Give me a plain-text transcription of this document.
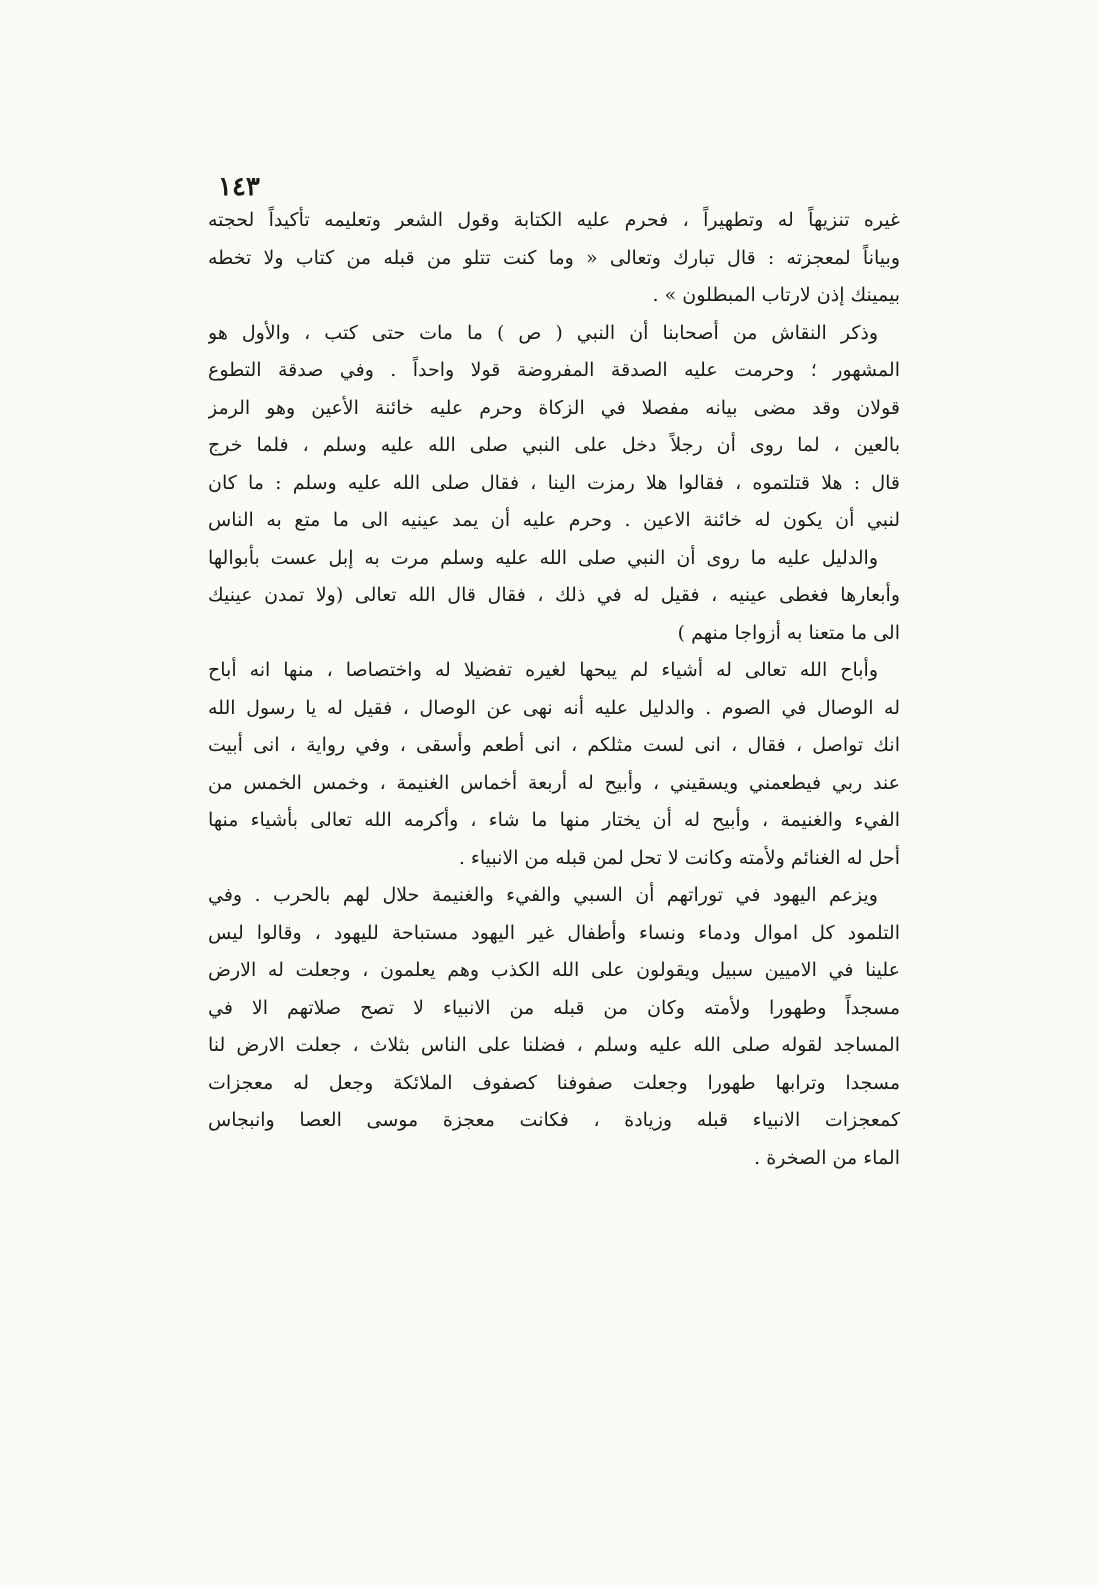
١٤٣
غيره تنزيهاً له وتطهيراً ، فحرم عليه الكتابة وقول الشعر وتعليمه تأكيداً لحجته
وبياناً لمعجزته : قال تبارك وتعالى « وما كنت تتلو من قبله من كتاب ولا تخطه
بيمينك إذن لارتاب المبطلون » .
وذكر النقاش من أصحابنا أن النبي ( ص ) ما مات حتى كتب ، والأول هو
المشهور ؛ وحرمت عليه الصدقة المفروضة قولا واحداً . وفي صدقة التطوع
قولان وقد مضى بيانه مفصلا في الزكاة وحرم عليه خائنة الأعين وهو الرمز
بالعين ، لما روى أن رجلاً دخل على النبي صلى الله عليه وسلم ، فلما خرج
قال : هلا قتلتموه ، فقالوا هلا رمزت الينا ، فقال صلى الله عليه وسلم : ما كان
لنبي أن يكون له خائنة الاعين . وحرم عليه أن يمد عينيه الى ما متع به الناس
والدليل عليه ما روى أن النبي صلى الله عليه وسلم مرت به إبل عست بأبوالها
وأبعارها فغطى عينيه ، فقيل له في ذلك ، فقال قال الله تعالى (ولا تمدن عينيك
الى ما متعنا به أزواجا منهم )
وأباح الله تعالى له أشياء لم يبحها لغيره تفضيلا له واختصاصا ، منها انه أباح
له الوصال في الصوم . والدليل عليه أنه نهى عن الوصال ، فقيل له يا رسول الله
انك تواصل ، فقال ، انى لست مثلكم ، انى أطعم وأسقى ، وفي رواية ، انى أبيت
عند ربي فيطعمني ويسقيني ، وأبيح له أربعة أخماس الغنيمة ، وخمس الخمس من
الفيء والغنيمة ، وأبيح له أن يختار منها ما شاء ، وأكرمه الله تعالى بأشياء منها
أحل له الغنائم ولأمته وكانت لا تحل لمن قبله من الانبياء .
ويزعم اليهود في توراتهم أن السبي والفيء والغنيمة حلال لهم بالحرب . وفي
التلمود كل اموال ودماء ونساء وأطفال غير اليهود مستباحة لليهود ، وقالوا ليس
علينا في الاميين سبيل ويقولون على الله الكذب وهم يعلمون ، وجعلت له الارض
مسجداً وطهورا ولأمته وكان من قبله من الانبياء لا تصح صلاتهم الا في
المساجد لقوله صلى الله عليه وسلم ، فضلنا على الناس بثلاث ، جعلت الارض لنا
مسجدا وترابها طهورا وجعلت صفوفنا كصفوف الملائكة وجعل له معجزات
كمعجزات الانبياء قبله وزيادة ، فكانت معجزة موسى العصا وانبجاس
الماء من الصخرة .
